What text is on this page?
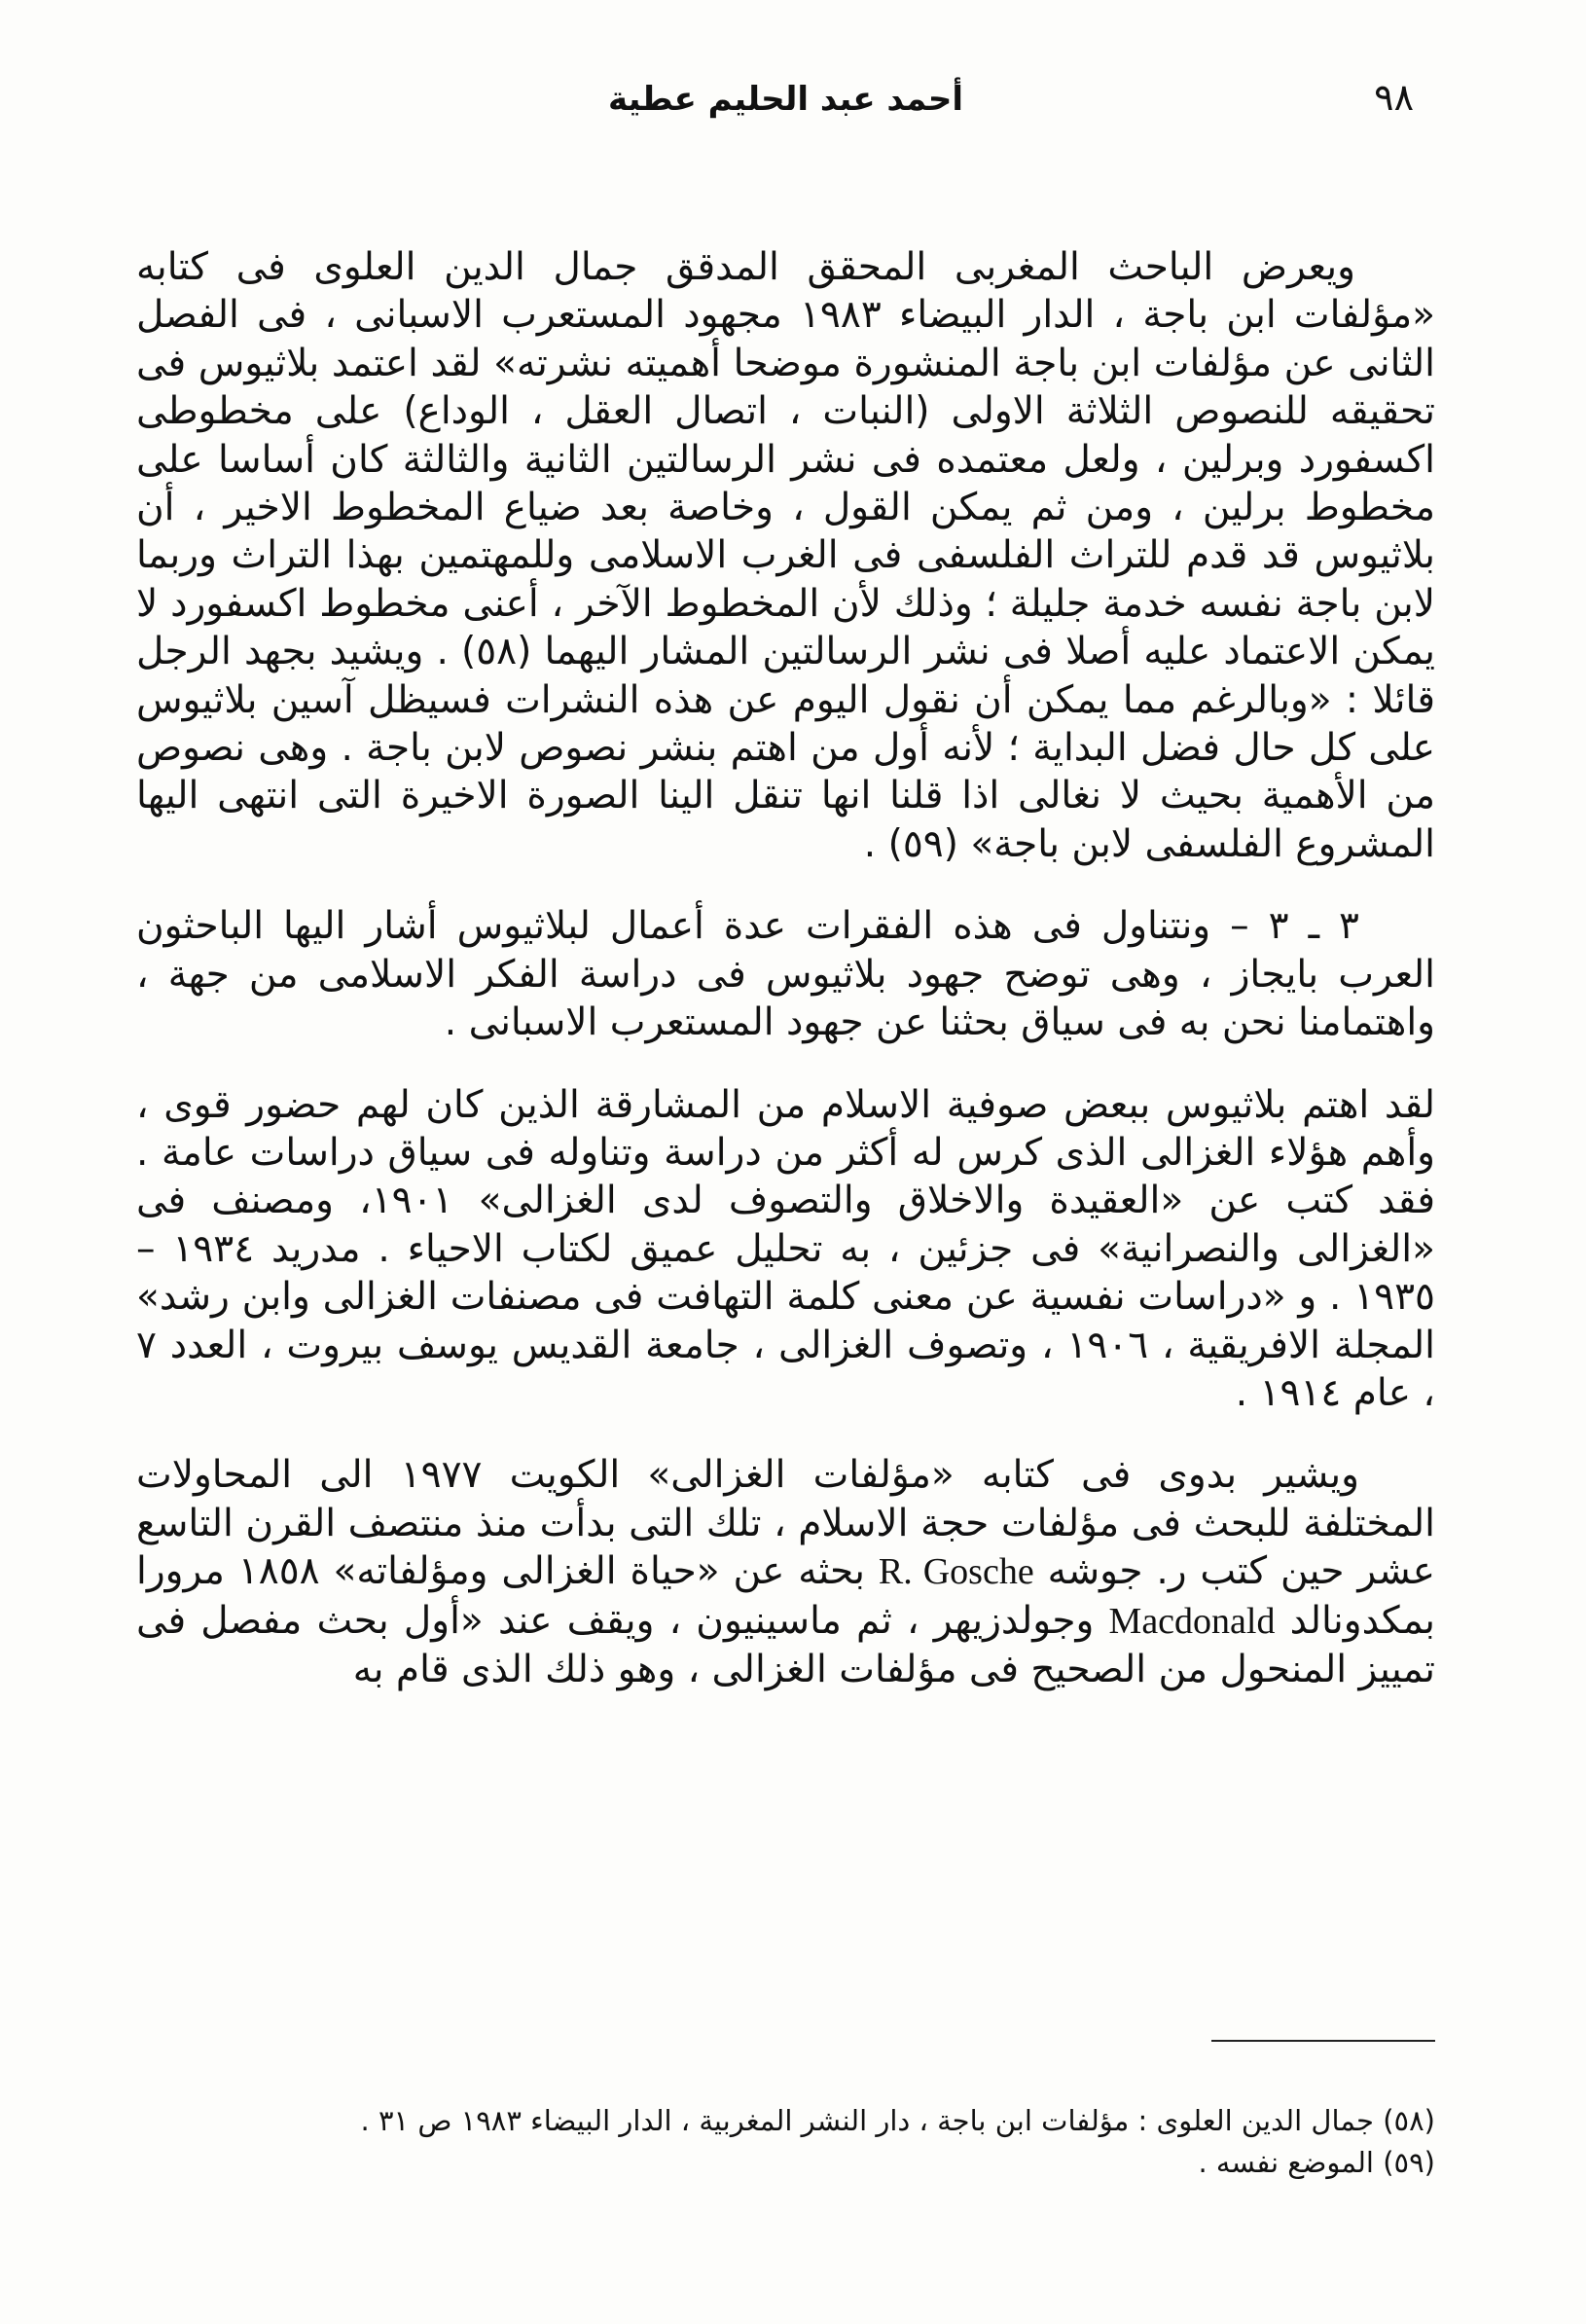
٩٨
أحمد عبد الحليم عطية

ويعرض الباحث المغربى المحقق المدقق جمال الدين العلوى فى كتابه «مؤلفات ابن باجة ، الدار البيضاء ١٩٨٣ مجهود المستعرب الاسبانى ، فى الفصل الثانى عن مؤلفات ابن باجة المنشورة موضحا أهميته نشرته» لقد اعتمد بلاثيوس فى تحقيقه للنصوص الثلاثة الاولى (النبات ، اتصال العقل ، الوداع) على مخطوطى اكسفورد وبرلين ، ولعل معتمده فى نشر الرسالتين الثانية والثالثة كان أساسا على مخطوط برلين ، ومن ثم يمكن القول ، وخاصة بعد ضياع المخطوط الاخير ، أن بلاثيوس قد قدم للتراث الفلسفى فى الغرب الاسلامى وللمهتمين بهذا التراث وربما لابن باجة نفسه خدمة جليلة ؛ وذلك لأن المخطوط الآخر ، أعنى مخطوط اكسفورد لا يمكن الاعتماد عليه أصلا فى نشر الرسالتين المشار اليهما (٥٨) . ويشيد بجهد الرجل قائلا : «وبالرغم مما يمكن أن نقول اليوم عن هذه النشرات فسيظل آسين بلاثيوس على كل حال فضل البداية ؛ لأنه أول من اهتم بنشر نصوص لابن باجة . وهى نصوص من الأهمية بحيث لا نغالى اذا قلنا انها تنقل الينا الصورة الاخيرة التى انتهى اليها المشروع الفلسفى لابن باجة» (٥٩) .

٣ ـ ٣ – ونتناول فى هذه الفقرات عدة أعمال لبلاثيوس أشار اليها الباحثون العرب بايجاز ، وهى توضح جهود بلاثيوس فى دراسة الفكر الاسلامى من جهة ، واهتمامنا نحن به فى سياق بحثنا عن جهود المستعرب الاسبانى .

لقد اهتم بلاثيوس ببعض صوفية الاسلام من المشارقة الذين كان لهم حضور قوى ، وأهم هؤلاء الغزالى الذى كرس له أكثر من دراسة وتناوله فى سياق دراسات عامة . فقد كتب عن «العقيدة والاخلاق والتصوف لدى الغزالى» ١٩٠١، ومصنف فى «الغزالى والنصرانية» فى جزئين ، به تحليل عميق لكتاب الاحياء . مدريد ١٩٣٤ – ١٩٣٥ . و «دراسات نفسية عن معنى كلمة التهافت فى مصنفات الغزالى وابن رشد» المجلة الافريقية ، ١٩٠٦ ، وتصوف الغزالى ، جامعة القديس يوسف بيروت ، العدد ٧ ، عام ١٩١٤ .

ويشير بدوى فى كتابه «مؤلفات الغزالى» الكويت ١٩٧٧ الى المحاولات المختلفة للبحث فى مؤلفات حجة الاسلام ، تلك التى بدأت منذ منتصف القرن التاسع عشر حين كتب ر. جوشه R. Gosche بحثه عن «حياة الغزالى ومؤلفاته» ١٨٥٨ مرورا بمكدونالد Macdonald وجولدزيهر ، ثم ماسينيون ، ويقف عند «أول بحث مفصل فى تمييز المنحول من الصحيح فى مؤلفات الغزالى ، وهو ذلك الذى قام به

(٥٨) جمال الدين العلوى : مؤلفات ابن باجة ، دار النشر المغربية ، الدار البيضاء ١٩٨٣ ص ٣١ .

(٥٩) الموضع نفسه .
